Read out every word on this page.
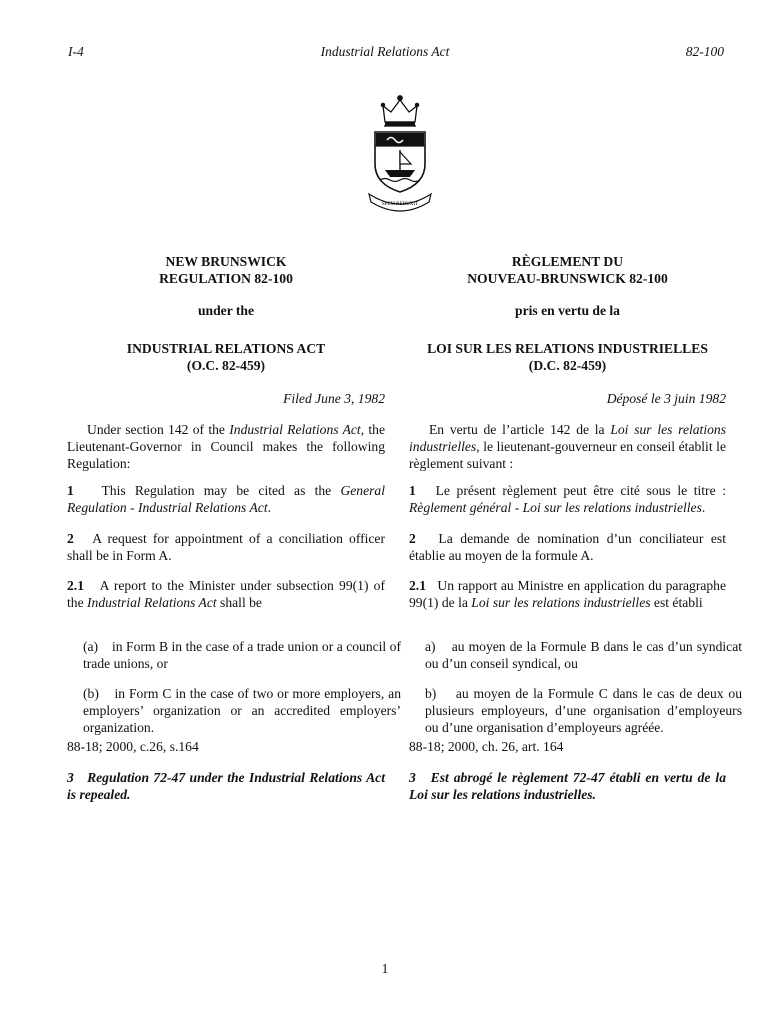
I-4	Industrial Relations Act	82-100
SPEM REDUXIT
NEW BRUNSWICK
REGULATION 82-100
under the
INDUSTRIAL RELATIONS ACT
(O.C. 82-459)
Filed June 3, 1982
Under section 142 of the Industrial Relations Act, the Lieutenant-Governor in Council makes the following Regulation:
1 This Regulation may be cited as the General Regulation - Industrial Relations Act.
2 A request for appointment of a conciliation officer shall be in Form A.
2.1 A report to the Minister under subsection 99(1) of the Industrial Relations Act shall be
(a) in Form B in the case of a trade union or a council of trade unions, or
(b) in Form C in the case of two or more employers, an employers’ organization or an accredited employers’ organization.
88-18; 2000, c.26, s.164
3 Regulation 72-47 under the Industrial Relations Act is repealed.
RÈGLEMENT DU
NOUVEAU-BRUNSWICK 82-100
pris en vertu de la
LOI SUR LES RELATIONS INDUSTRIELLES
(D.C. 82-459)
Déposé le 3 juin 1982
En vertu de l’article 142 de la Loi sur les relations industrielles, le lieutenant-gouverneur en conseil établit le règlement suivant :
1 Le présent règlement peut être cité sous le titre : Règlement général - Loi sur les relations industrielles.
2 La demande de nomination d’un conciliateur est établie au moyen de la formule A.
2.1 Un rapport au Ministre en application du paragraphe 99(1) de la Loi sur les relations industrielles est établi
a) au moyen de la Formule B dans le cas d’un syndicat ou d’un conseil syndical, ou
b) au moyen de la Formule C dans le cas de deux ou plusieurs employeurs, d’une organisation d’employeurs ou d’une organisation d’employeurs agréée.
88-18; 2000, ch. 26, art. 164
3 Est abrogé le règlement 72-47 établi en vertu de la Loi sur les relations industrielles.
1
